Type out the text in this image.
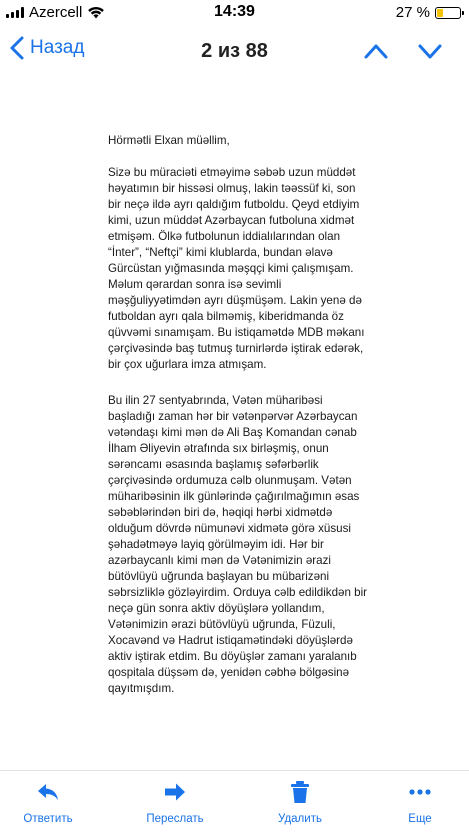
Azercell	14:39	27 %
Назад	2 из 88

Hörmətli Elxan müəllim,

Sizə bu müraciəti etməyimə səbəb uzun müddət həyatımın bir hissəsi olmuş, lakin təəssüf ki, son bir neçə ildə ayrı qaldığım futboldu. Qeyd etdiyim kimi, uzun müddət Azərbaycan futboluna xidmət etmişəm. Ölkə futbolunun iddialılarından olan “İnter”, “Neftçi” kimi klublarda, bundan əlavə Gürcüstan yığmasında məşqçi kimi çalışmışam. Məlum qərardan sonra isə sevimli məşğuliyyətimdən ayrı düşmüşəm. Lakin yenə də futboldan ayrı qala bilməmiş, kiberidmanda öz qüvvəmi sınamışam. Bu istiqamətdə MDB məkanı çərçivəsində baş tutmuş turnirlərdə iştirak edərək, bir çox uğurlara imza atmışam.

Bu ilin 27 sentyabrında, Vətən müharibəsi başladığı zaman hər bir vətənpərvər Azərbaycan vətəndaşı kimi mən də Ali Baş Komandan cənab İlham Əliyevin ətrafında sıx birləşmiş, onun sərəncamı əsasında başlamış səfərbərlik çərçivəsində ordumuza cəlb olunmuşam. Vətən müharibəsinin ilk günlərində çağırılmağımın əsas səbəblərindən biri də, həqiqi hərbi xidmətdə olduğum dövrdə nümunəvi xidmətə görə xüsusi şəhadətməyə layiq görülməyim idi. Hər bir azərbaycanlı kimi mən də Vətənimizin ərazi bütövlüyü uğrunda başlayan bu mübarizəni səbrsizliklə gözləyirdim. Orduya cəlb edildikdən bir neçə gün sonra aktiv döyüşlərə yollandım, Vətənimizin ərazi bütövlüyü uğrunda, Füzuli, Xocavənd və Hadrut istiqamətindəki döyüşlərdə aktiv iştirak etdim. Bu döyüşlər zamanı yaralanıb qospitala düşsəm də, yenidən cəbhə bölgəsinə qayıtmışdım.

Ответить	Переслать	Удалить	Еще
